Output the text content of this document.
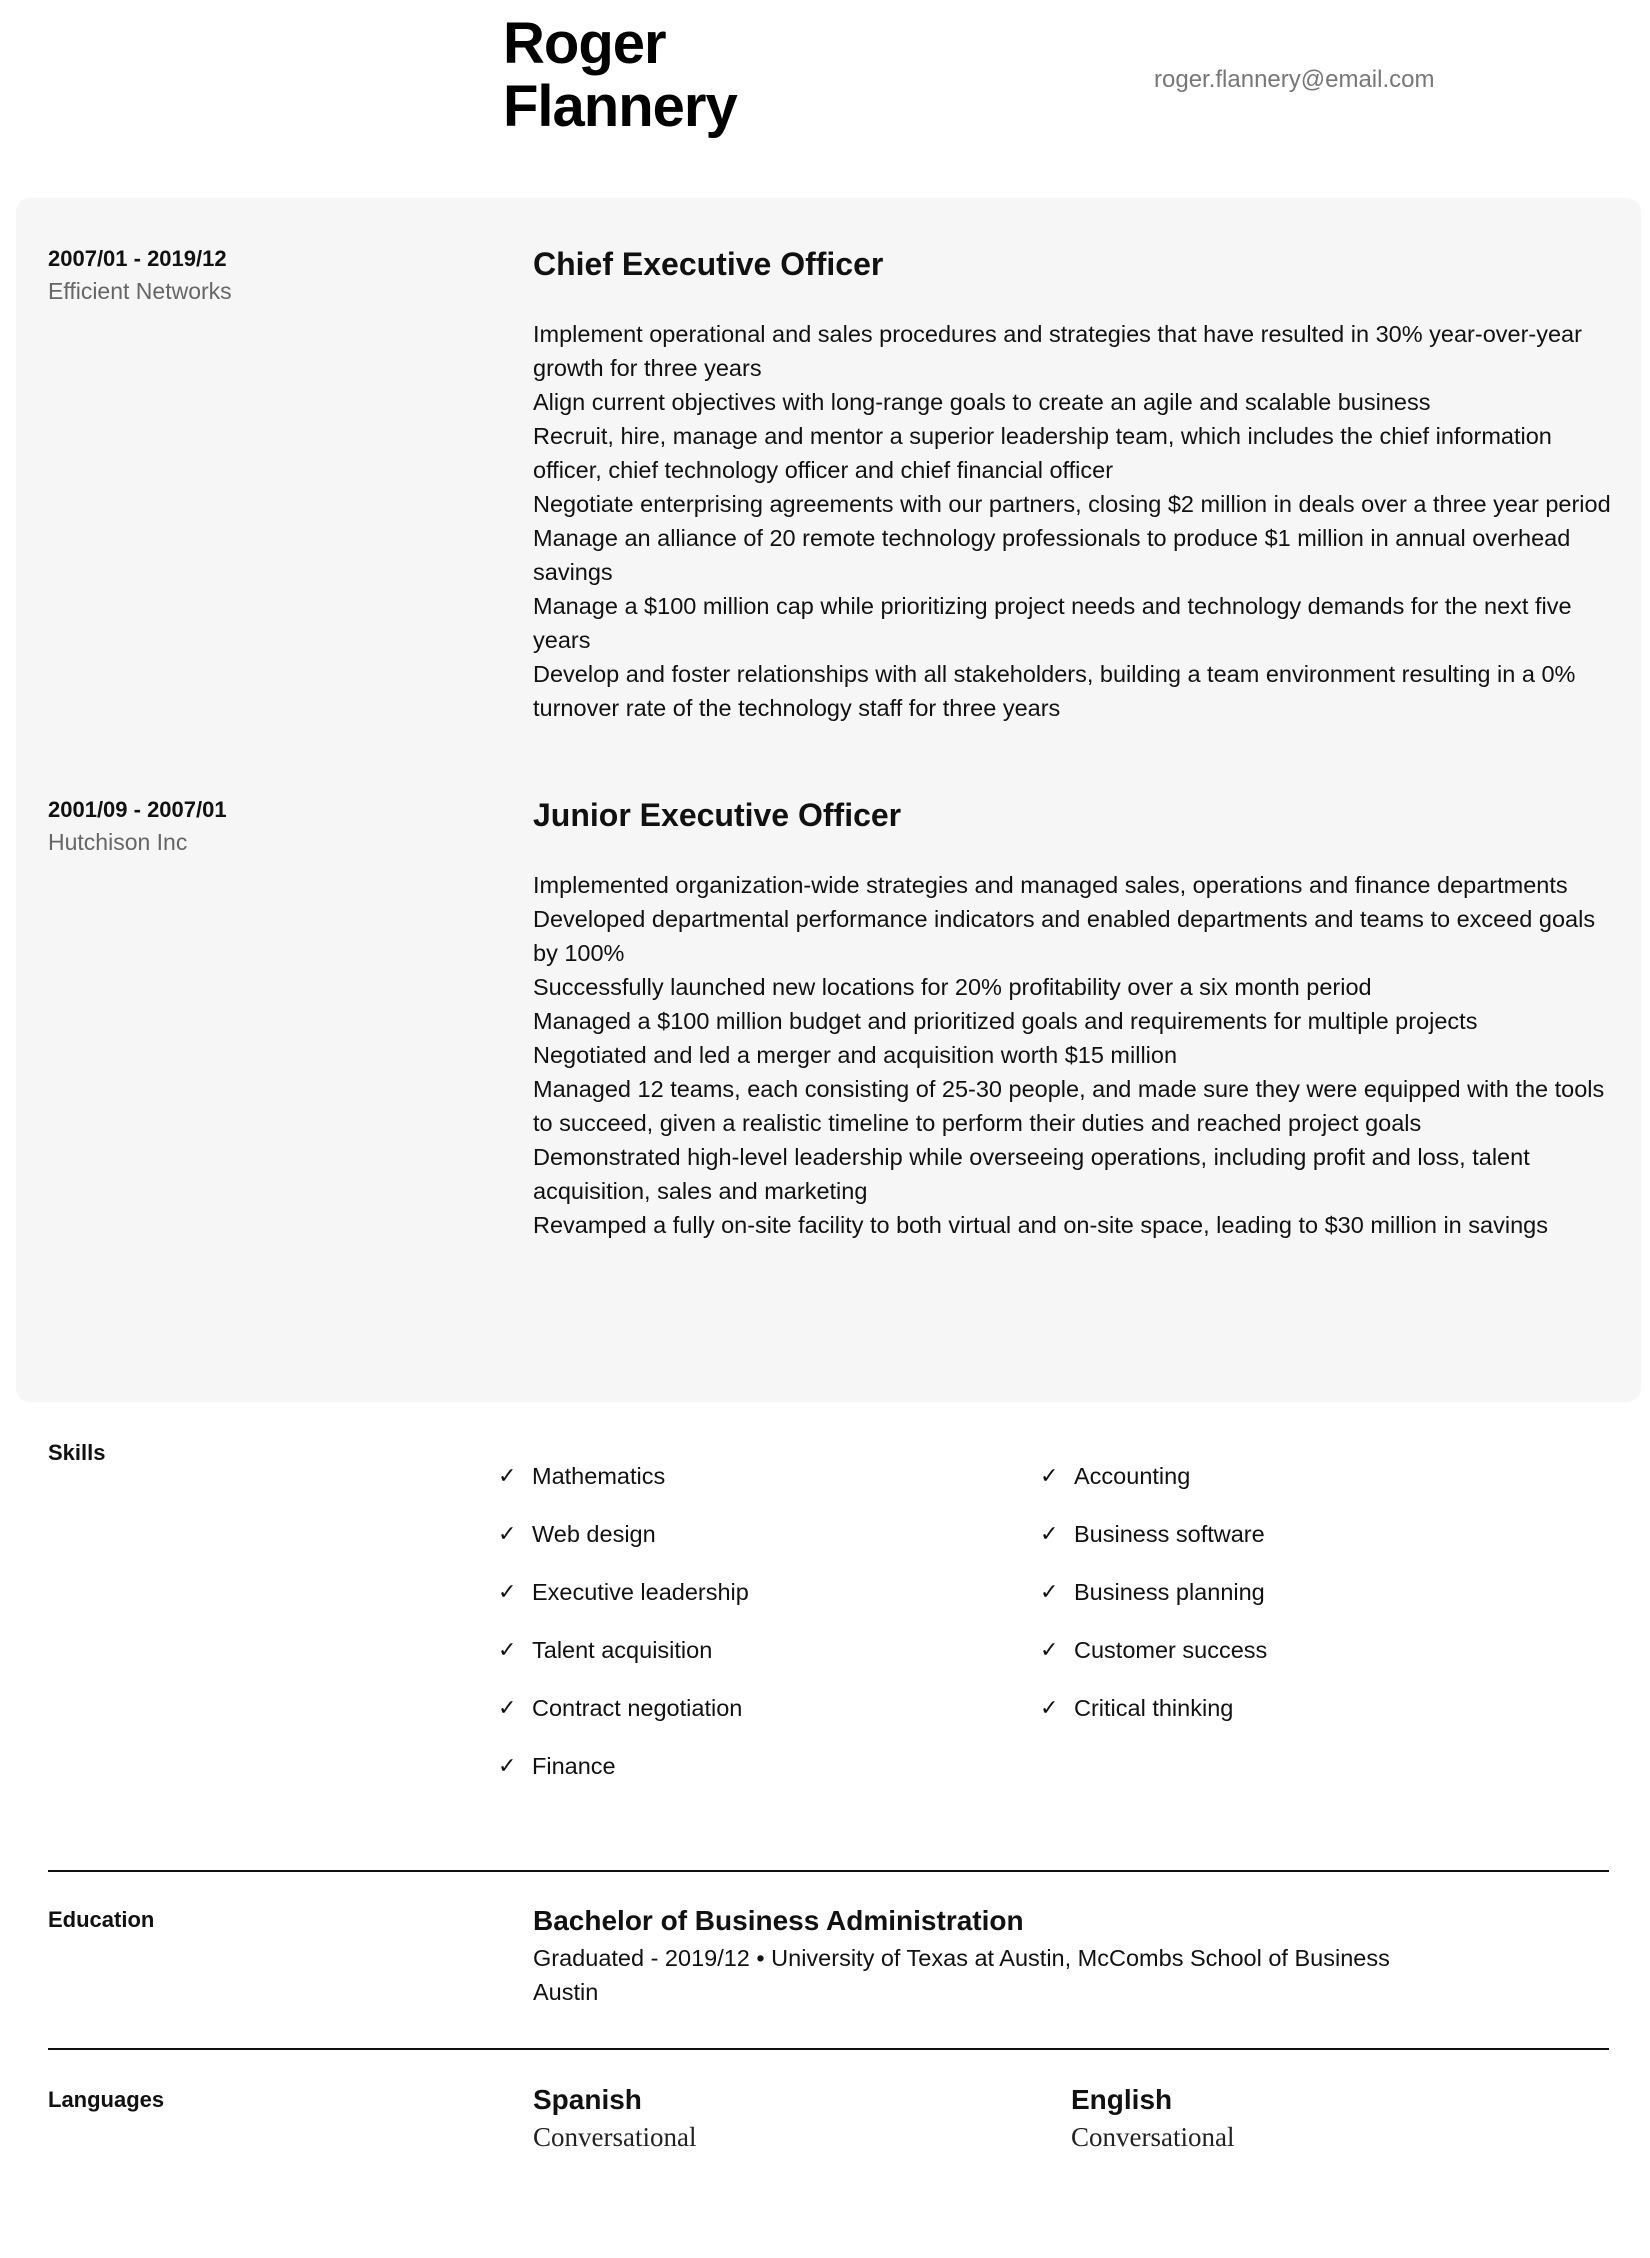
Roger
Flannery	roger.flannery@email.com
2007/01 - 2019/12
Efficient Networks
Chief Executive Officer
Implement operational and sales procedures and strategies that have resulted in 30% year-over-year growth for three years
Align current objectives with long-range goals to create an agile and scalable business
Recruit, hire, manage and mentor a superior leadership team, which includes the chief information officer, chief technology officer and chief financial officer
Negotiate enterprising agreements with our partners, closing $2 million in deals over a three year period
Manage an alliance of 20 remote technology professionals to produce $1 million in annual overhead savings
Manage a $100 million cap while prioritizing project needs and technology demands for the next five years
Develop and foster relationships with all stakeholders, building a team environment resulting in a 0% turnover rate of the technology staff for three years
2001/09 - 2007/01
Hutchison Inc
Junior Executive Officer
Implemented organization-wide strategies and managed sales, operations and finance departments
Developed departmental performance indicators and enabled departments and teams to exceed goals by 100%
Successfully launched new locations for 20% profitability over a six month period
Managed a $100 million budget and prioritized goals and requirements for multiple projects
Negotiated and led a merger and acquisition worth $15 million
Managed 12 teams, each consisting of 25-30 people, and made sure they were equipped with the tools to succeed, given a realistic timeline to perform their duties and reached project goals
Demonstrated high-level leadership while overseeing operations, including profit and loss, talent acquisition, sales and marketing
Revamped a fully on-site facility to both virtual and on-site space, leading to $30 million in savings
Skills
✓ Mathematics
✓ Web design
✓ Executive leadership
✓ Talent acquisition
✓ Contract negotiation
✓ Finance
✓ Accounting
✓ Business software
✓ Business planning
✓ Customer success
✓ Critical thinking
Education	Bachelor of Business Administration
Graduated - 2019/12 • University of Texas at Austin, McCombs School of Business
Austin
Languages	Spanish
Conversational
English
Conversational
